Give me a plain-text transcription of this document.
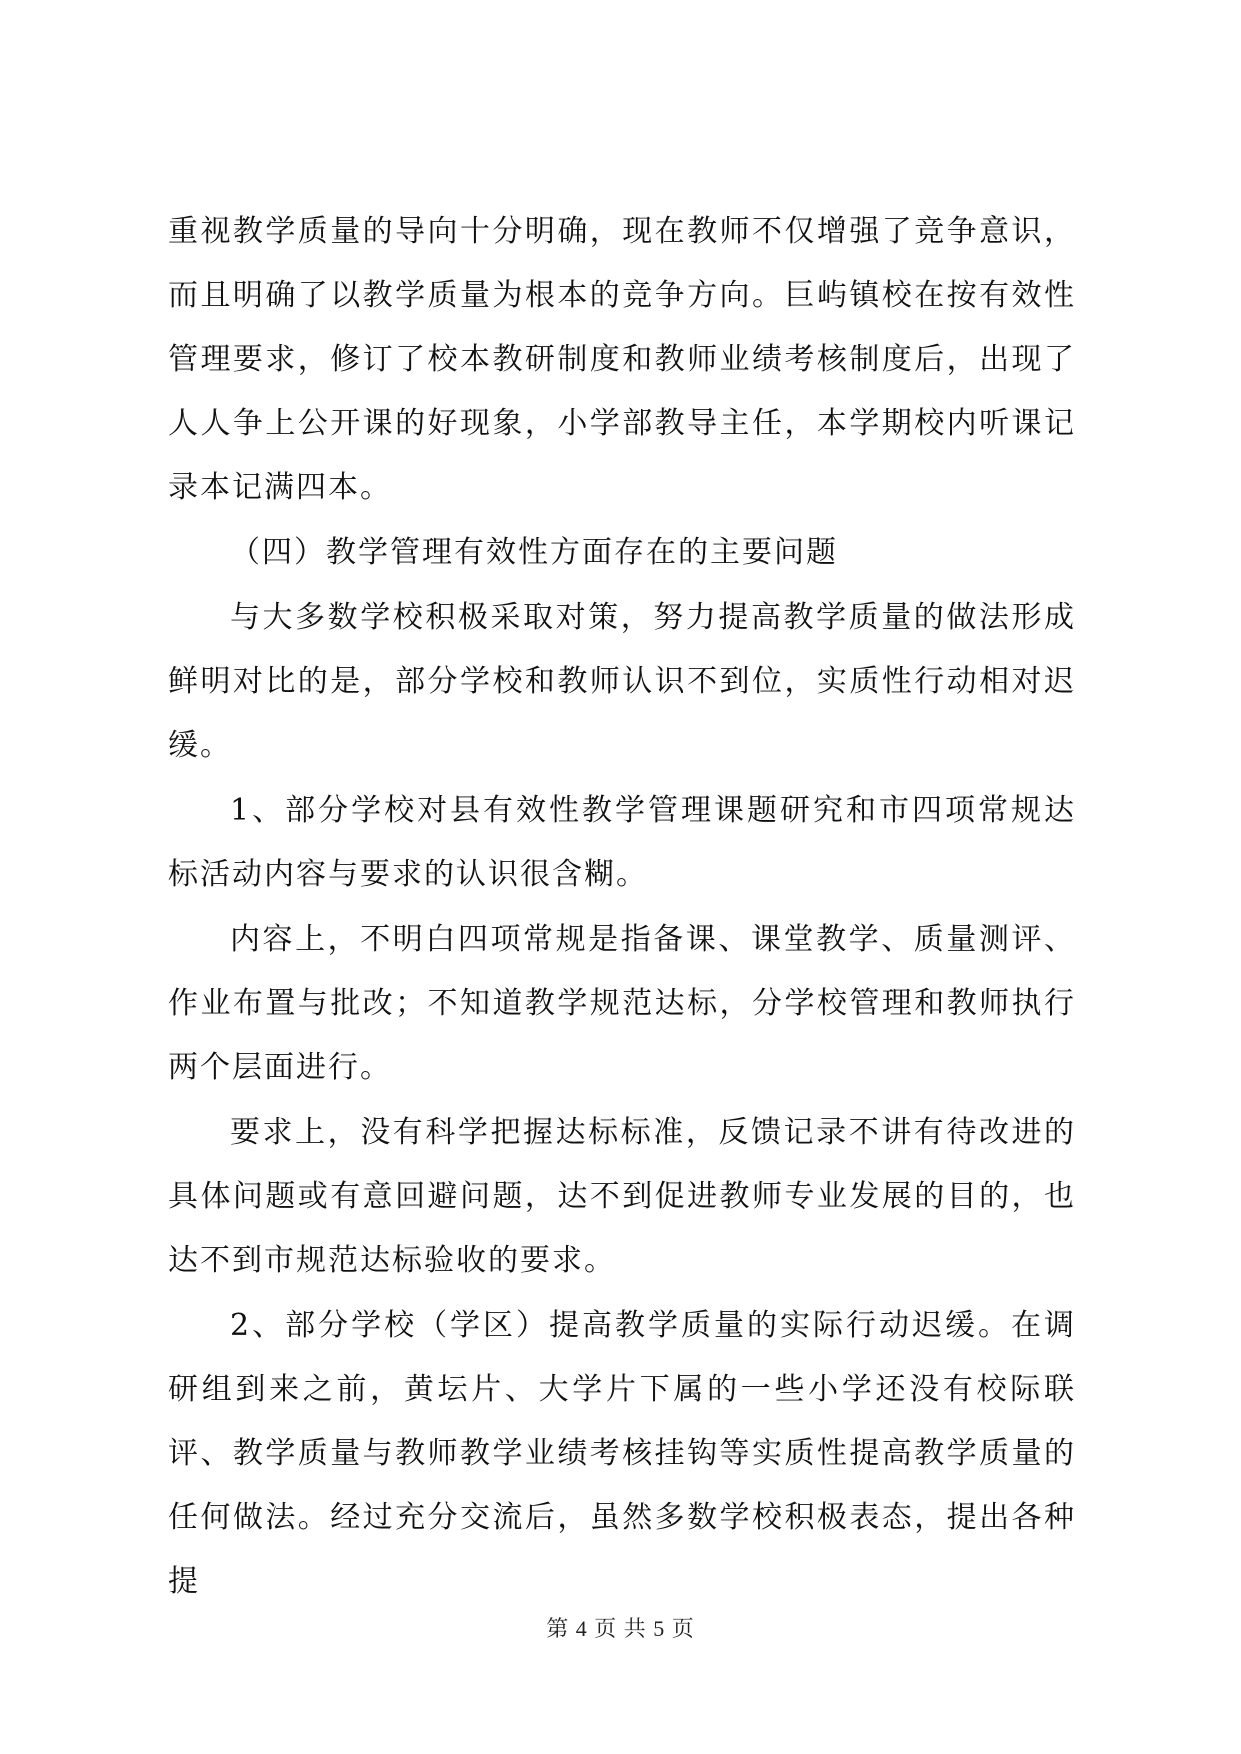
重视教学质量的导向十分明确，现在教师不仅增强了竞争意识，而且明确了以教学质量为根本的竞争方向。巨屿镇校在按有效性管理要求，修订了校本教研制度和教师业绩考核制度后，出现了人人争上公开课的好现象，小学部教导主任，本学期校内听课记录本记满四本。

（四）教学管理有效性方面存在的主要问题

与大多数学校积极采取对策，努力提高教学质量的做法形成鲜明对比的是，部分学校和教师认识不到位，实质性行动相对迟缓。

1、部分学校对县有效性教学管理课题研究和市四项常规达标活动内容与要求的认识很含糊。

内容上，不明白四项常规是指备课、课堂教学、质量测评、作业布置与批改；不知道教学规范达标，分学校管理和教师执行两个层面进行。

要求上，没有科学把握达标标准，反馈记录不讲有待改进的具体问题或有意回避问题，达不到促进教师专业发展的目的，也达不到市规范达标验收的要求。

2、部分学校（学区）提高教学质量的实际行动迟缓。在调研组到来之前，黄坛片、大学片下属的一些小学还没有校际联评、教学质量与教师教学业绩考核挂钩等实质性提高教学质量的任何做法。经过充分交流后，虽然多数学校积极表态，提出各种提

第 4 页 共 5 页
